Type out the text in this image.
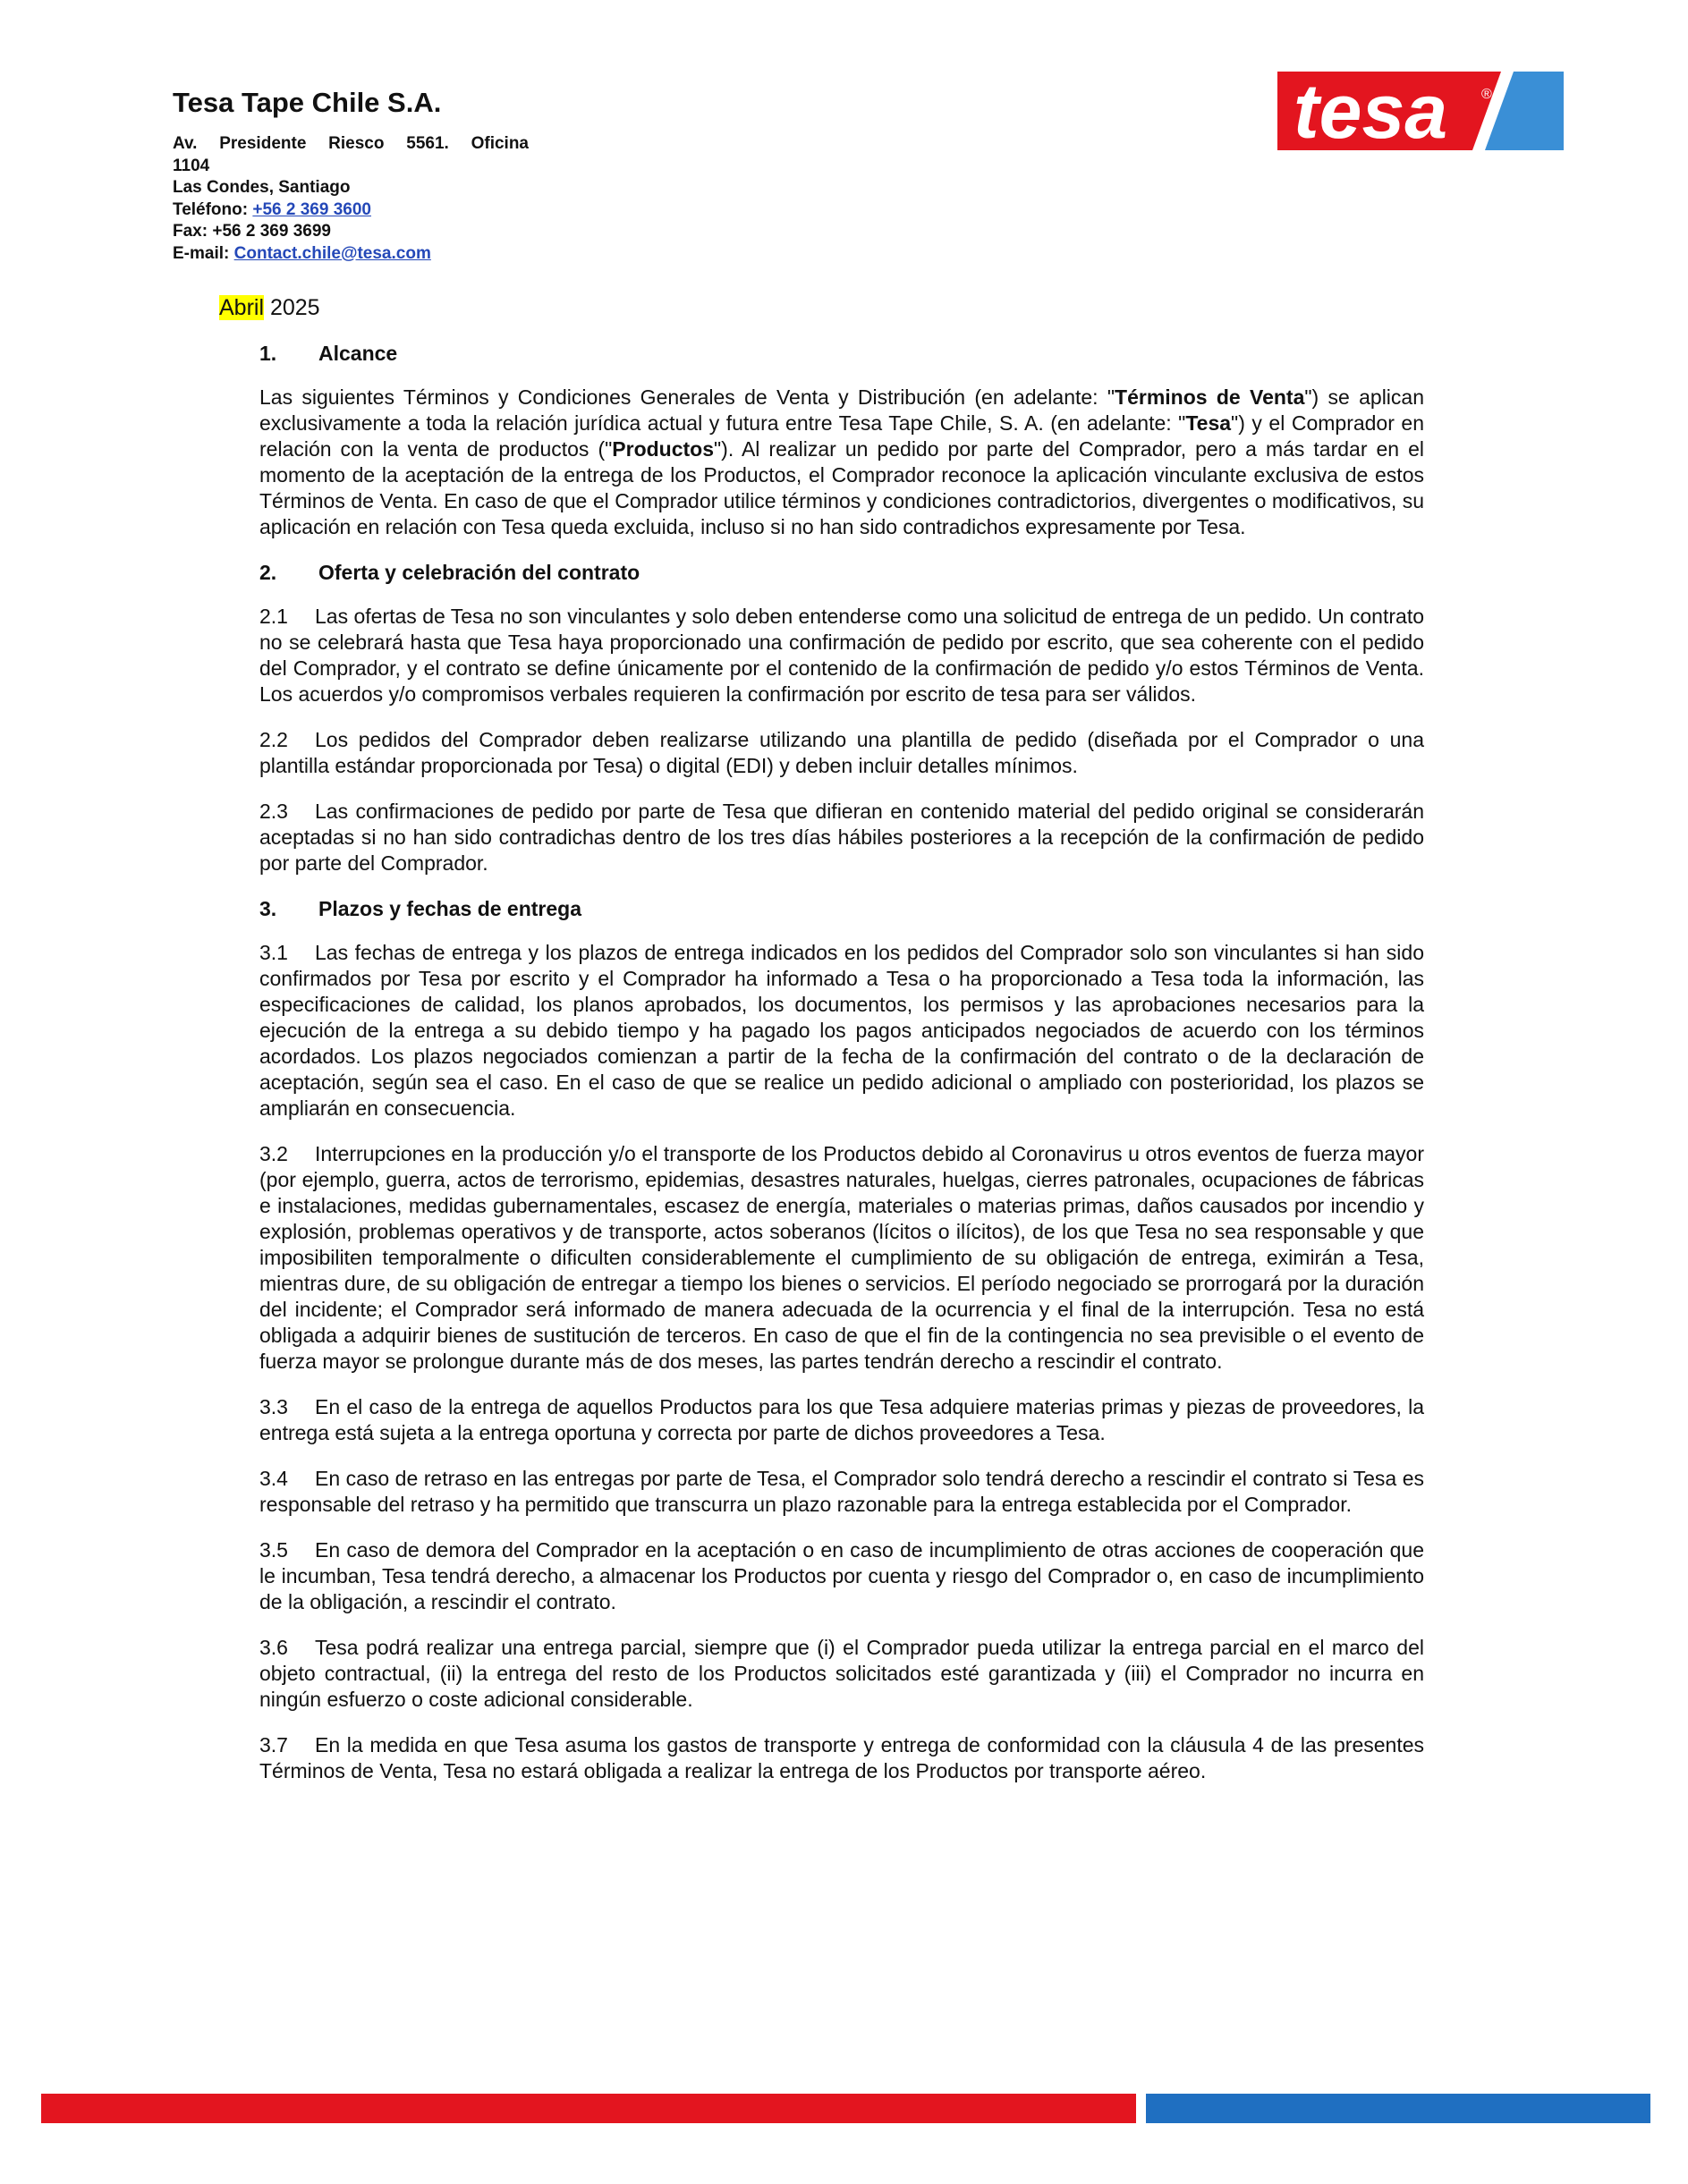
Tesa Tape Chile S.A.
Av. Presidente Riesco 5561. Oficina
1104
Las Condes, Santiago
Teléfono: +56 2 369 3600
Fax: +56 2 369 3699
E-mail: Contact.chile@tesa.com
tesa ®
Abril 2025
1. Alcance

Las siguientes Términos y Condiciones Generales de Venta y Distribución (en adelante: "Términos de Venta") se aplican exclusivamente a toda la relación jurídica actual y futura entre Tesa Tape Chile, S. A. (en adelante: "Tesa") y el Comprador en relación con la venta de productos ("Productos"). Al realizar un pedido por parte del Comprador, pero a más tardar en el momento de la aceptación de la entrega de los Productos, el Comprador reconoce la aplicación vinculante exclusiva de estos Términos de Venta. En caso de que el Comprador utilice términos y condiciones contradictorios, divergentes o modificativos, su aplicación en relación con Tesa queda excluida, incluso si no han sido contradichos expresamente por Tesa.

2. Oferta y celebración del contrato

2.1 Las ofertas de Tesa no son vinculantes y solo deben entenderse como una solicitud de entrega de un pedido. Un contrato no se celebrará hasta que Tesa haya proporcionado una confirmación de pedido por escrito, que sea coherente con el pedido del Comprador, y el contrato se define únicamente por el contenido de la confirmación de pedido y/o estos Términos de Venta. Los acuerdos y/o compromisos verbales requieren la confirmación por escrito de tesa para ser válidos.

2.2 Los pedidos del Comprador deben realizarse utilizando una plantilla de pedido (diseñada por el Comprador o una plantilla estándar proporcionada por Tesa) o digital (EDI) y deben incluir detalles mínimos.

2.3 Las confirmaciones de pedido por parte de Tesa que difieran en contenido material del pedido original se considerarán aceptadas si no han sido contradichas dentro de los tres días hábiles posteriores a la recepción de la confirmación de pedido por parte del Comprador.

3. Plazos y fechas de entrega

3.1 Las fechas de entrega y los plazos de entrega indicados en los pedidos del Comprador solo son vinculantes si han sido confirmados por Tesa por escrito y el Comprador ha informado a Tesa o ha proporcionado a Tesa toda la información, las especificaciones de calidad, los planos aprobados, los documentos, los permisos y las aprobaciones necesarios para la ejecución de la entrega a su debido tiempo y ha pagado los pagos anticipados negociados de acuerdo con los términos acordados. Los plazos negociados comienzan a partir de la fecha de la confirmación del contrato o de la declaración de aceptación, según sea el caso. En el caso de que se realice un pedido adicional o ampliado con posterioridad, los plazos se ampliarán en consecuencia.

3.2 Interrupciones en la producción y/o el transporte de los Productos debido al Coronavirus u otros eventos de fuerza mayor (por ejemplo, guerra, actos de terrorismo, epidemias, desastres naturales, huelgas, cierres patronales, ocupaciones de fábricas e instalaciones, medidas gubernamentales, escasez de energía, materiales o materias primas, daños causados por incendio y explosión, problemas operativos y de transporte, actos soberanos (lícitos o ilícitos), de los que Tesa no sea responsable y que imposibiliten temporalmente o dificulten considerablemente el cumplimiento de su obligación de entrega, eximirán a Tesa, mientras dure, de su obligación de entregar a tiempo los bienes o servicios. El período negociado se prorrogará por la duración del incidente; el Comprador será informado de manera adecuada de la ocurrencia y el final de la interrupción. Tesa no está obligada a adquirir bienes de sustitución de terceros. En caso de que el fin de la contingencia no sea previsible o el evento de fuerza mayor se prolongue durante más de dos meses, las partes tendrán derecho a rescindir el contrato.

3.3 En el caso de la entrega de aquellos Productos para los que Tesa adquiere materias primas y piezas de proveedores, la entrega está sujeta a la entrega oportuna y correcta por parte de dichos proveedores a Tesa.

3.4 En caso de retraso en las entregas por parte de Tesa, el Comprador solo tendrá derecho a rescindir el contrato si Tesa es responsable del retraso y ha permitido que transcurra un plazo razonable para la entrega establecida por el Comprador.

3.5 En caso de demora del Comprador en la aceptación o en caso de incumplimiento de otras acciones de cooperación que le incumban, Tesa tendrá derecho, a almacenar los Productos por cuenta y riesgo del Comprador o, en caso de incumplimiento de la obligación, a rescindir el contrato.

3.6 Tesa podrá realizar una entrega parcial, siempre que (i) el Comprador pueda utilizar la entrega parcial en el marco del objeto contractual, (ii) la entrega del resto de los Productos solicitados esté garantizada y (iii) el Comprador no incurra en ningún esfuerzo o coste adicional considerable.

3.7 En la medida en que Tesa asuma los gastos de transporte y entrega de conformidad con la cláusula 4 de las presentes Términos de Venta, Tesa no estará obligada a realizar la entrega de los Productos por transporte aéreo.
